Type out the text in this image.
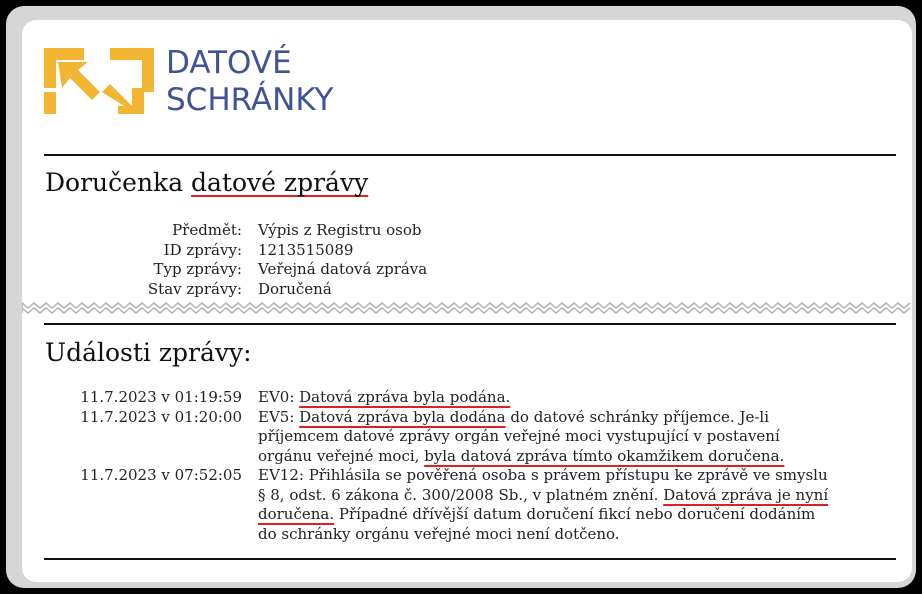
DATOVÉ
SCHRÁNKY
Doručenka datové zprávy
Předmět:	Výpis z Registru osob
ID zprávy:	1213515089
Typ zprávy:	Veřejná datová zpráva
Stav zprávy:	Doručená
Události zprávy:
11.7.2023 v 01:19:59	EV0: Datová zpráva byla podána.
11.7.2023 v 01:20:00	EV5: Datová zpráva byla dodána do datové schránky příjemce. Je-li příjemcem datové zprávy orgán veřejné moci vystupující v postavení orgánu veřejné moci, byla datová zpráva tímto okamžikem doručena.
11.7.2023 v 07:52:05	EV12: Přihlásila se pověřená osoba s právem přístupu ke zprávě ve smyslu § 8, odst. 6 zákona č. 300/2008 Sb., v platném znění. Datová zpráva je nyní doručena. Případné dřívější datum doručení fikcí nebo doručení dodáním do schránky orgánu veřejné moci není dotčeno.
